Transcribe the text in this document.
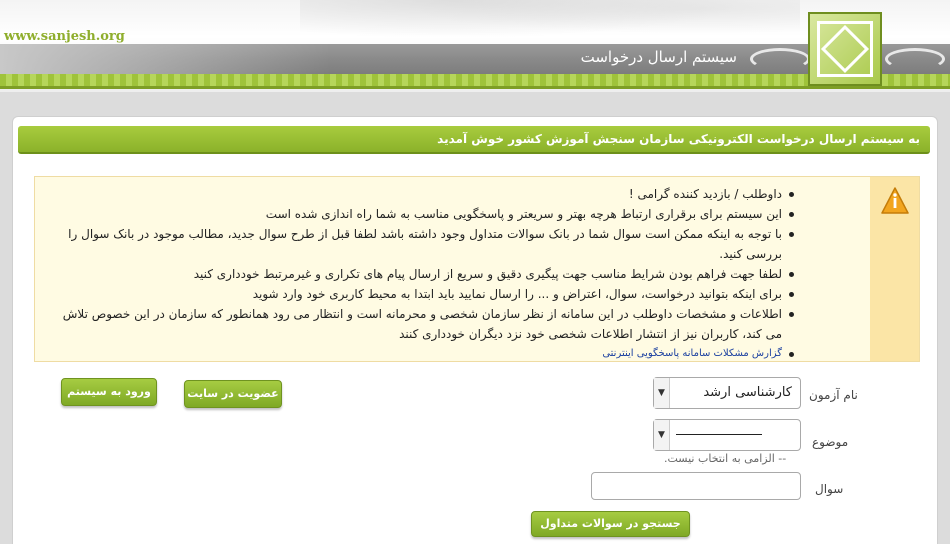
www.sanjesh.org
سیستم ارسال درخواست
به سیستم ارسال درخواست الکترونیکی سازمان سنجش آموزش کشور خوش آمدید
داوطلب / بازدید کننده گرامی !
این سیستم برای برقراری ارتباط هرچه بهتر و سریعتر و پاسخگویی مناسب به شما راه اندازی شده است
با توجه به اینکه ممکن است سوال شما در بانک سوالات متداول وجود داشته باشد لطفا قبل از طرح سوال جدید، مطالب موجود در بانک سوال را بررسی کنید.
لطفا جهت فراهم بودن شرایط مناسب جهت پیگیری دقیق و سریع از ارسال پیام های تکراری و غیرمرتبط خودداری کنید
برای اینکه بتوانید درخواست، سوال، اعتراض و ... را ارسال نمایید باید ابتدا به محیط کاربری خود وارد شوید
اطلاعات و مشخصات داوطلب در این سامانه از نظر سازمان شخصی و محرمانه است و انتظار می رود همانطور که سازمان در این خصوص تلاش می کند، کاربران نیز از انتشار اطلاعات شخصی خود نزد دیگران خودداری کنند
گزارش مشکلات سامانه پاسخگویی اینترنتی
ورود به سیستم	عضویت در سایت	نام آزمون
▼	کارشناسی ارشد
موضوع
▼
-- الزامی به انتخاب نیست.
سوال
جستجو در سوالات متداول
